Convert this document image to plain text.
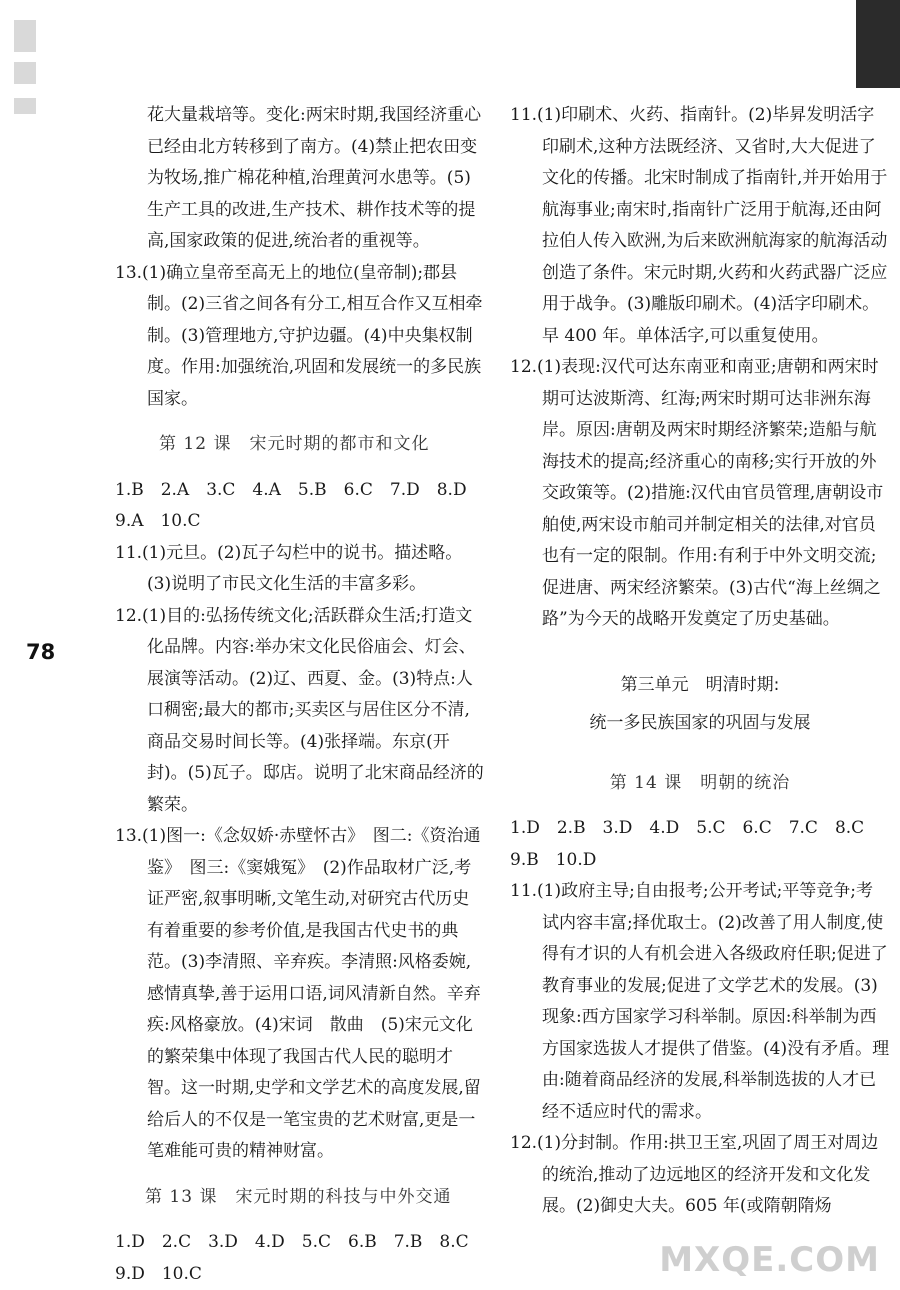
78

花大量栽培等。变化:两宋时期,我国经济重心已经由北方转移到了南方。(4)禁止把农田变为牧场,推广棉花种植,治理黄河水患等。(5)生产工具的改进,生产技术、耕作技术等的提高,国家政策的促进,统治者的重视等。

13.(1)确立皇帝至高无上的地位(皇帝制);郡县制。(2)三省之间各有分工,相互合作又互相牵制。(3)管理地方,守护边疆。(4)中央集权制度。作用:加强统治,巩固和发展统一的多民族国家。

第 12 课　宋元时期的都市和文化

1.B　2.A　3.C　4.A　5.B　6.C　7.D　8.D

9.A　10.C

11.(1)元旦。(2)瓦子勾栏中的说书。描述略。(3)说明了市民文化生活的丰富多彩。

12.(1)目的:弘扬传统文化;活跃群众生活;打造文化品牌。内容:举办宋文化民俗庙会、灯会、展演等活动。(2)辽、西夏、金。(3)特点:人口稠密;最大的都市;买卖区与居住区分不清,商品交易时间长等。(4)张择端。东京(开封)。(5)瓦子。邸店。说明了北宋商品经济的繁荣。

13.(1)图一:《念奴娇·赤壁怀古》　图二:《资治通鉴》　图三:《窦娥冤》　(2)作品取材广泛,考证严密,叙事明晰,文笔生动,对研究古代历史有着重要的参考价值,是我国古代史书的典范。(3)李清照、辛弃疾。李清照:风格委婉,感情真挚,善于运用口语,词风清新自然。辛弃疾:风格豪放。(4)宋词　散曲　(5)宋元文化的繁荣集中体现了我国古代人民的聪明才智。这一时期,史学和文学艺术的高度发展,留给后人的不仅是一笔宝贵的艺术财富,更是一笔难能可贵的精神财富。

第 13 课　宋元时期的科技与中外交通

1.D　2.C　3.D　4.D　5.C　6.B　7.B　8.C

9.D　10.C

11.(1)印刷术、火药、指南针。(2)毕昇发明活字印刷术,这种方法既经济、又省时,大大促进了文化的传播。北宋时制成了指南针,并开始用于航海事业;南宋时,指南针广泛用于航海,还由阿拉伯人传入欧洲,为后来欧洲航海家的航海活动创造了条件。宋元时期,火药和火药武器广泛应用于战争。(3)雕版印刷术。(4)活字印刷术。早 400 年。单体活字,可以重复使用。

12.(1)表现:汉代可达东南亚和南亚;唐朝和两宋时期可达波斯湾、红海;两宋时期可达非洲东海岸。原因:唐朝及两宋时期经济繁荣;造船与航海技术的提高;经济重心的南移;实行开放的外交政策等。(2)措施:汉代由官员管理,唐朝设市舶使,两宋设市舶司并制定相关的法律,对官员也有一定的限制。作用:有利于中外文明交流;促进唐、两宋经济繁荣。(3)古代“海上丝绸之路”为今天的战略开发奠定了历史基础。

第三单元　明清时期:
统一多民族国家的巩固与发展
第 14 课　明朝的统治

1.D　2.B　3.D　4.D　5.C　6.C　7.C　8.C

9.B　10.D

11.(1)政府主导;自由报考;公开考试;平等竞争;考试内容丰富;择优取士。(2)改善了用人制度,使得有才识的人有机会进入各级政府任职;促进了教育事业的发展;促进了文学艺术的发展。(3)现象:西方国家学习科举制。原因:科举制为西方国家选拔人才提供了借鉴。(4)没有矛盾。理由:随着商品经济的发展,科举制选拔的人才已经不适应时代的需求。

12.(1)分封制。作用:拱卫王室,巩固了周王对周边的统治,推动了边远地区的经济开发和文化发展。(2)御史大夫。605 年(或隋朝隋炀

MXQE.COM
